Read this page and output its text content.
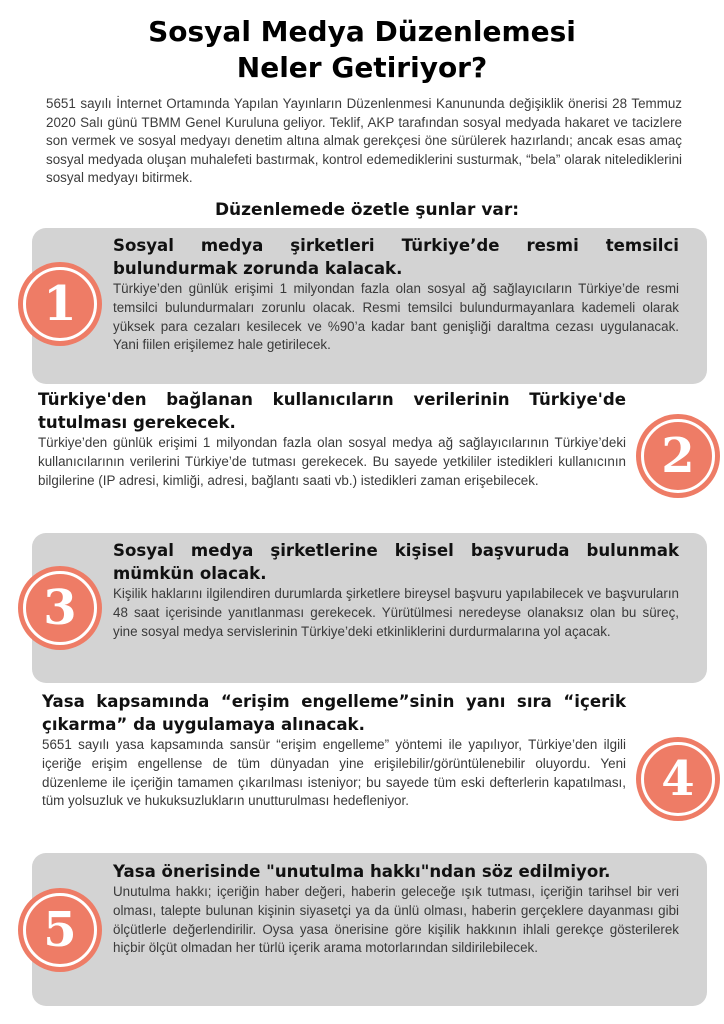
Sosyal Medya Düzenlemesi
Neler Getiriyor?
5651 sayılı İnternet Ortamında Yapılan Yayınların Düzenlenmesi Kanununda değişiklik önerisi 28 Temmuz 2020 Salı günü TBMM Genel Kuruluna geliyor. Teklif, AKP tarafından sosyal medyada hakaret ve tacizlere son vermek ve sosyal medyayı denetim altına almak gerekçesi öne sürülerek hazırlandı; ancak esas amaç sosyal medyada oluşan muhalefeti bastırmak, kontrol edemediklerini susturmak, “bela” olarak nitelediklerini sosyal medyayı bitirmek.
Düzenlemede özetle şunlar var:
1
Sosyal medya şirketleri Türkiye’de resmi temsilci bulundurmak zorunda kalacak.

Türkiye’den günlük erişimi 1 milyondan fazla olan sosyal ağ sağlayıcıların Türkiye’de resmi temsilci bulundurmaları zorunlu olacak. Resmi temsilci bulundurmayanlara kademeli olarak yüksek para cezaları kesilecek ve %90’a kadar bant genişliği daraltma cezası uygulanacak. Yani fiilen erişilemez hale getirilecek.

Türkiye'den bağlanan kullanıcıların verilerinin Türkiye'de tutulması gerekecek.

Türkiye’den günlük erişimi 1 milyondan fazla olan sosyal medya ağ sağlayıcılarının Türkiye’deki kullanıcılarının verilerini Türkiye’de tutması gerekecek. Bu sayede yetkililer istedikleri kullanıcının bilgilerine (IP adresi, kimliği, adresi, bağlantı saati vb.) istedikleri zaman erişebilecek.	2
3
Sosyal medya şirketlerine kişisel başvuruda bulunmak mümkün olacak.

Kişilik haklarını ilgilendiren durumlarda şirketlere bireysel başvuru yapılabilecek ve başvuruların 48 saat içerisinde yanıtlanması gerekecek. Yürütülmesi neredeyse olanaksız olan bu süreç, yine sosyal medya servislerinin Türkiye’deki etkinliklerini durdurmalarına yol açacak.

Yasa kapsamında “erişim engelleme”sinin yanı sıra “içerik çıkarma” da uygulamaya alınacak.

5651 sayılı yasa kapsamında sansür “erişim engelleme” yöntemi ile yapılıyor, Türkiye’den ilgili içeriğe erişim engellense de tüm dünyadan yine erişilebilir/görüntülenebilir oluyordu. Yeni düzenleme ile içeriğin tamamen çıkarılması isteniyor; bu sayede tüm eski defterlerin kapatılması, tüm yolsuzluk ve hukuksuzlukların unutturulması hedefleniyor.	4
5
Yasa önerisinde "unutulma hakkı"ndan söz edilmiyor.

Unutulma hakkı; içeriğin haber değeri, haberin geleceğe ışık tutması, içeriğin tarihsel bir veri olması, talepte bulunan kişinin siyasetçi ya da ünlü olması, haberin gerçeklere dayanması gibi ölçütlerle değerlendirilir. Oysa yasa önerisine göre kişilik hakkının ihlali gerekçe gösterilerek hiçbir ölçüt olmadan her türlü içerik arama motorlarından sildirilebilecek.
